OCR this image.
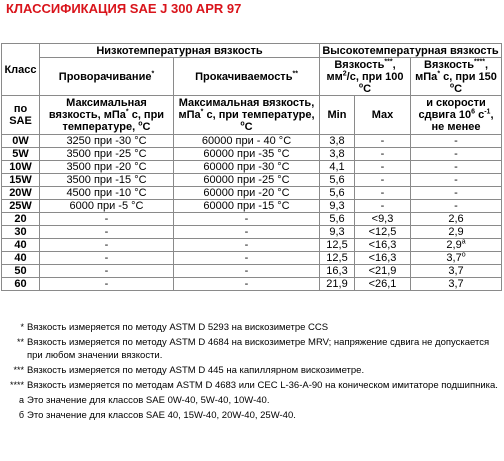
КЛАССИФИКАЦИЯ SAE J 300 APR 97
Класс	Низкотемпературная вязкость		Высокотемпературная вязкость		
	Проворачивание*	Прокачиваемость**	Вязкость***, $мм^2/c$, при 100 $^o$C		Вязкость****, мПа* с, при 150 $^o$C
по
SAE	Максимальная вязкость, мПа* с, при температуре, $^o$C	Максимальная вязкость, мПа* с, при температуре, $^o$C	Min	Max	и скорости сдвига $10^6$ $с^{-1}$, не менее
0W	3250 при -30 °C	60000 при - 40 °C	3,8	-	-
5W	3500 при -25 °C	60000 при -35 °C	3,8	-	-
10W	3500 при -20 °C	60000 при -30 °C	4,1	-	-
15W	3500 при -15 °C	60000 при -25 °C	5,6	-	-
20W	4500 при -10 °C	60000 при -20 °C	5,6	-	-
25W	6000 при -5 °C	60000 при -15 °C	9,3	-	-
20	-	-	5,6	<9,3	2,6
30	-	-	9,3	<12,5	2,9
40	-	-	12,5	<16,3	2,9$^a$
40	-	-	12,5	<16,3	3,7$^o$
50	-	-	16,3	<21,9	3,7
60	-	-	21,9	<26,1	3,7
* Вязкость измеряется по методу ASTM D 5293 на вискозиметре CCS
** Вязкость измеряется по методу ASTM D 4684 на вискозиметре MRV; напряжение сдвига не допускается при любом значении вязкости.
*** Вязкость измеряется по методу ASTM D 445 на капиллярном вискозиметре.
**** Вязкость измеряется по методам ASTM D 4683 или CEC L-36-A-90 на коническом имитаторе подшипника.
a Это значение для классов SAE 0W-40, 5W-40, 10W-40.
б Это значение для классов SAE 40, 15W-40, 20W-40, 25W-40.
